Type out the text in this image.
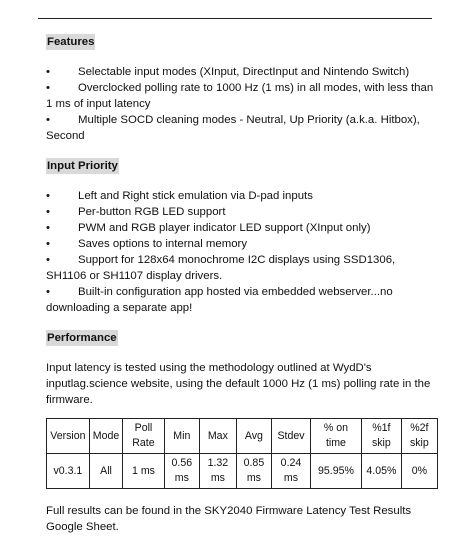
Features
• Selectable input modes (XInput, DirectInput and Nintendo Switch)
• Overclocked polling rate to 1000 Hz (1 ms) in all modes, with less than 1 ms of input latency
• Multiple SOCD cleaning modes - Neutral, Up Priority (a.k.a. Hitbox), Second
Input Priority
• Left and Right stick emulation via D-pad inputs
• Per-button RGB LED support
• PWM and RGB player indicator LED support (XInput only)
• Saves options to internal memory
• Support for 128x64 monochrome I2C displays using SSD1306, SH1106 or SH1107 display drivers.
• Built-in configuration app hosted via embedded webserver...no downloading a separate app!
Performance

Input latency is tested using the methodology outlined at WydD's inputlag.science website, using the default 1000 Hz (1 ms) polling rate in the firmware.

Version	Mode	Poll Rate	Min	Max	Avg	Stdev	% on time	%1f skip	%2f skip
v0.3.1	All	1 ms	0.56 ms	1.32 ms	0.85 ms	0.24 ms	95.95%	4.05%	0%

Full results can be found in the SKY2040 Firmware Latency Test Results Google Sheet.
